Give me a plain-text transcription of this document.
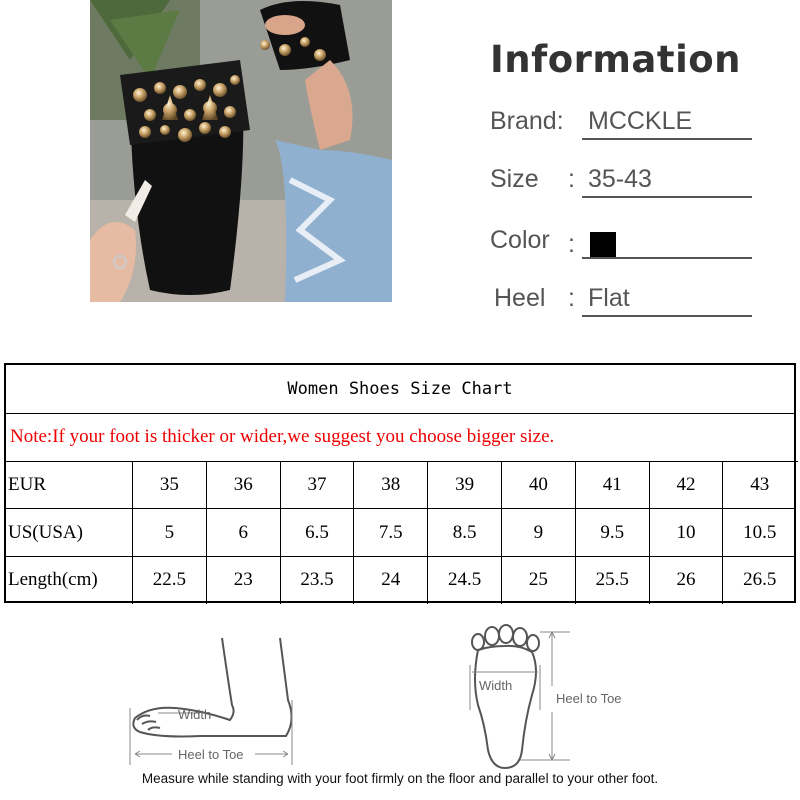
Information
Brand: MCCKLE
Size : 35-43
Color :
Heel : Flat
Women Shoes Size Chart
Note:If your foot is thicker or wider,we suggest you choose bigger size.
EUR	35	36	37	38	39	40	41	42	43
US(USA)	5	6	6.5	7.5	8.5	9	9.5	10	10.5
Length(cm)	22.5	23	23.5	24	24.5	25	25.5	26	26.5
Width
Heel to Toe
Width
Heel to Toe
Measure while standing with your foot firmly on the floor and parallel to your other foot.
